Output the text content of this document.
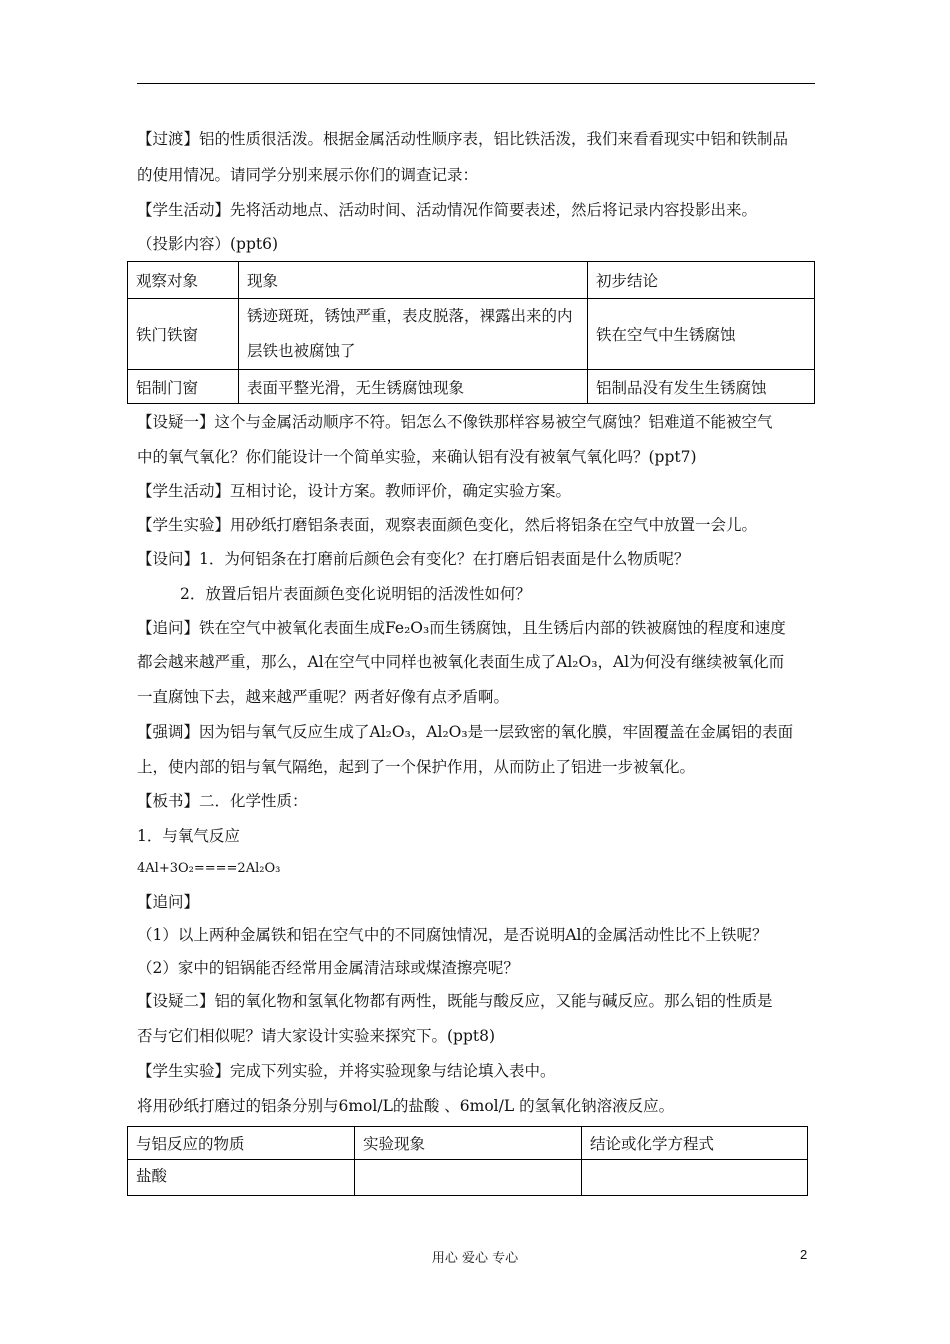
【过渡】铝的性质很活泼。根据金属活动性顺序表，铝比铁活泼，我们来看看现实中铝和铁制品
的使用情况。请同学分别来展示你们的调查记录：
【学生活动】先将活动地点、活动时间、活动情况作简要表述，然后将记录内容投影出来。
（投影内容）(ppt6)
观察对象	现象	初步结论
铁门铁窗	锈迹斑斑，锈蚀严重，表皮脱落，裸露出来的内层铁也被腐蚀了	铁在空气中生锈腐蚀
铝制门窗	表面平整光滑，无生锈腐蚀现象	铝制品没有发生生锈腐蚀
【设疑一】这个与金属活动顺序不符。铝怎么不像铁那样容易被空气腐蚀？铝难道不能被空气
中的氧气氧化？你们能设计一个简单实验，来确认铝有没有被氧气氧化吗？(ppt7)
【学生活动】互相讨论，设计方案。教师评价，确定实验方案。
【学生实验】用砂纸打磨铝条表面，观察表面颜色变化，然后将铝条在空气中放置一会儿。
【设问】1．为何铝条在打磨前后颜色会有变化？在打磨后铝表面是什么物质呢？
2．放置后铝片表面颜色变化说明铝的活泼性如何？
【追问】铁在空气中被氧化表面生成Fe₂O₃而生锈腐蚀，且生锈后内部的铁被腐蚀的程度和速度
都会越来越严重，那么，Al在空气中同样也被氧化表面生成了Al₂O₃，Al为何没有继续被氧化而
一直腐蚀下去，越来越严重呢？两者好像有点矛盾啊。
【强调】因为铝与氧气反应生成了Al₂O₃，Al₂O₃是一层致密的氧化膜，牢固覆盖在金属铝的表面
上，使内部的铝与氧气隔绝，起到了一个保护作用，从而防止了铝进一步被氧化。
【板书】二．化学性质：
1．与氧气反应
4Al+3O₂====2Al₂O₃
【追问】
（1）以上两种金属铁和铝在空气中的不同腐蚀情况，是否说明Al的金属活动性比不上铁呢？
（2）家中的铝锅能否经常用金属清洁球或煤渣擦亮呢？
【设疑二】铝的氧化物和氢氧化物都有两性，既能与酸反应，又能与碱反应。那么铝的性质是
否与它们相似呢？请大家设计实验来探究下。(ppt8)
【学生实验】完成下列实验，并将实验现象与结论填入表中。
将用砂纸打磨过的铝条分别与6mol/L的盐酸 、6mol/L 的氢氧化钠溶液反应。
与铝反应的物质	实验现象	结论或化学方程式
盐酸		
用心 爱心 专心	2
